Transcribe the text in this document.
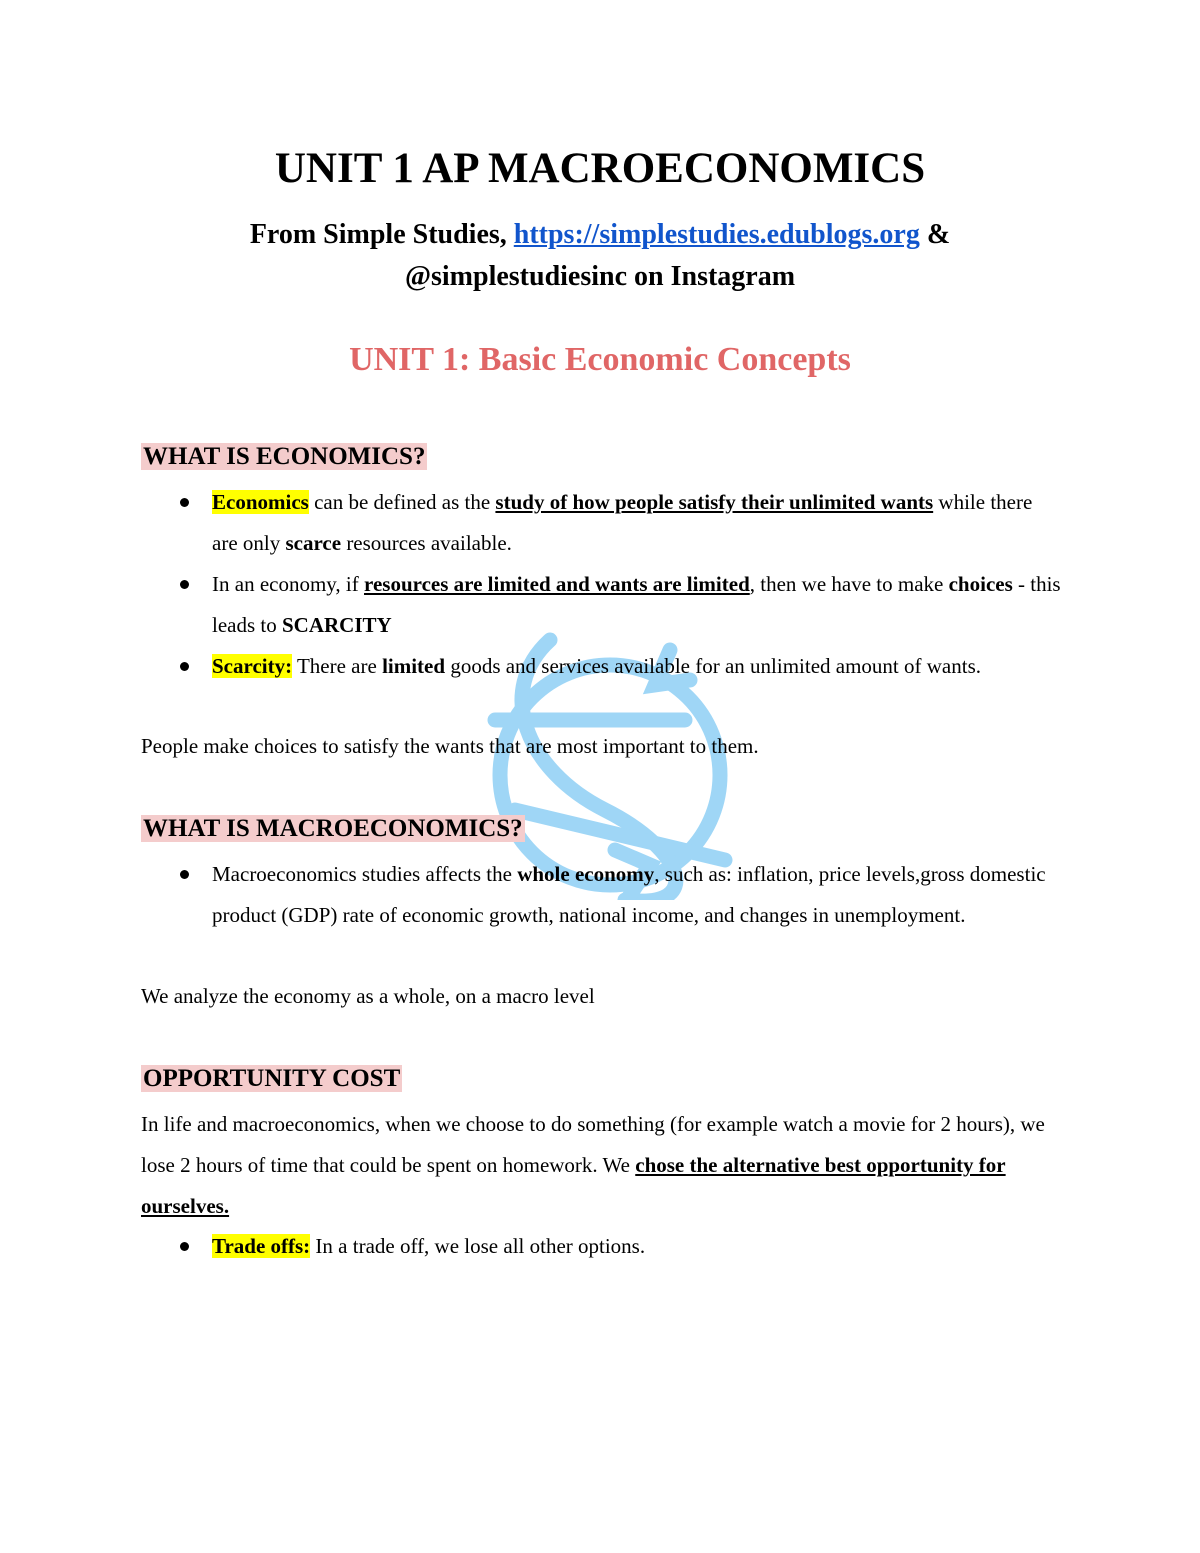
UNIT 1 AP MACROECONOMICS
From Simple Studies, https://simplestudies.edublogs.org &
@simplestudiesinc on Instagram
UNIT 1: Basic Economic Concepts
WHAT IS ECONOMICS?
Economics can be defined as the study of how people satisfy their unlimited wants while there are only scarce resources available.
In an economy, if resources are limited and wants are limited, then we have to make choices - this leads to SCARCITY
Scarcity: There are limited goods and services available for an unlimited amount of wants.

People make choices to satisfy the wants that are most important to them.

WHAT IS MACROECONOMICS?
Macroeconomics studies affects the whole economy, such as: inflation, price levels,gross domestic product (GDP) rate of economic growth, national income, and changes in unemployment.

We analyze the economy as a whole, on a macro level

OPPORTUNITY COST

In life and macroeconomics, when we choose to do something (for example watch a movie for 2 hours), we lose 2 hours of time that could be spent on homework. We chose the alternative best opportunity for ourselves.

Trade offs: In a trade off, we lose all other options.
